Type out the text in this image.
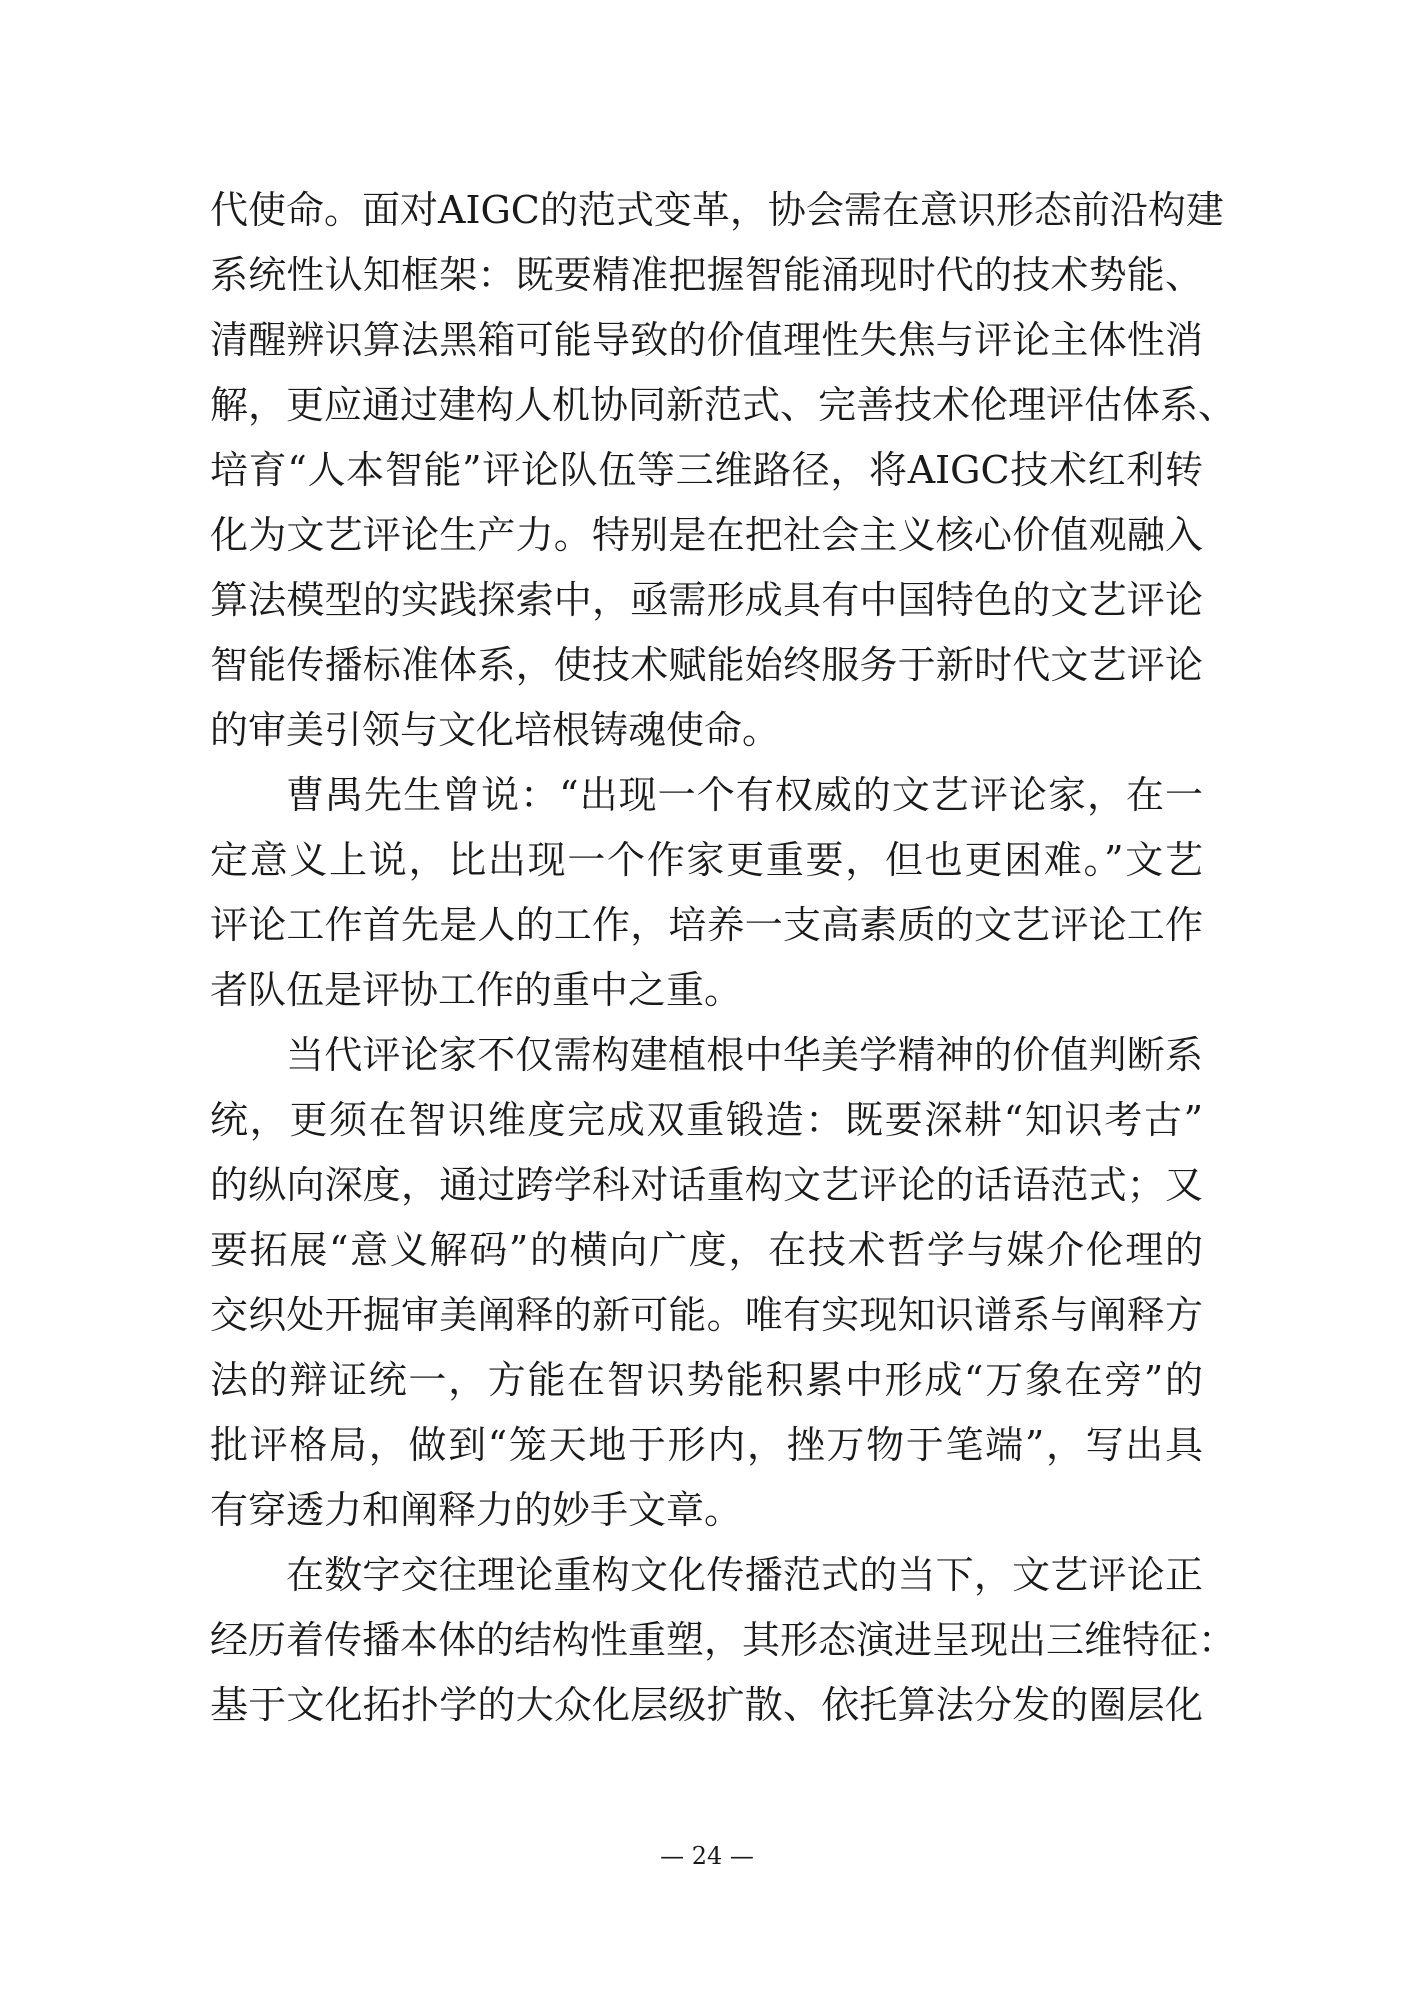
代使命。面对AIGC的范式变革，协会需在意识形态前沿构建
系统性认知框架：既要精准把握智能涌现时代的技术势能、
清醒辨识算法黑箱可能导致的价值理性失焦与评论主体性消
解，更应通过建构人机协同新范式、完善技术伦理评估体系、
培育“人本智能”评论队伍等三维路径，将AIGC技术红利转
化为文艺评论生产力。特别是在把社会主义核心价值观融入
算法模型的实践探索中，亟需形成具有中国特色的文艺评论
智能传播标准体系，使技术赋能始终服务于新时代文艺评论
的审美引领与文化培根铸魂使命。
曹禺先生曾说：“出现一个有权威的文艺评论家，在一
定意义上说，比出现一个作家更重要，但也更困难。”文艺
评论工作首先是人的工作，培养一支高素质的文艺评论工作
者队伍是评协工作的重中之重。
当代评论家不仅需构建植根中华美学精神的价值判断系
统，更须在智识维度完成双重锻造：既要深耕“知识考古”
的纵向深度，通过跨学科对话重构文艺评论的话语范式；又
要拓展“意义解码”的横向广度，在技术哲学与媒介伦理的
交织处开掘审美阐释的新可能。唯有实现知识谱系与阐释方
法的辩证统一，方能在智识势能积累中形成“万象在旁”的
批评格局，做到“笼天地于形内，挫万物于笔端”，写出具
有穿透力和阐释力的妙手文章。
在数字交往理论重构文化传播范式的当下，文艺评论正
经历着传播本体的结构性重塑，其形态演进呈现出三维特征：
基于文化拓扑学的大众化层级扩散、依托算法分发的圈层化
— 24 —
